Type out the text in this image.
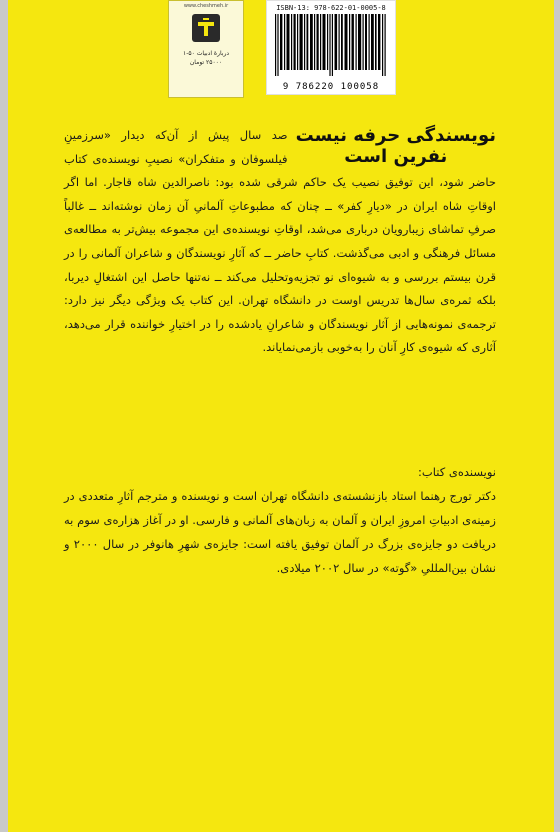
www.cheshmeh.ir
دربارۀ ادبیات ۵۰-۱
۲۵۰۰۰ تومان
ISBN-13: 978-622-01-0005-8
9 786220 100058
نویسندگی حرفه نیست
نفرین است
صد سال پیش از آن‌که دیدار «سرزمینِ فیلسوفان و متفکران» نصیبِ نویسنده‌ی کتاب حاضر شود، این توفیق نصیب یک حاکم شرقی شده بود: ناصرالدین شاه قاجار. اما اگر اوقاتِ شاه ایران در «دیارِ کفر» ــ چنان که مطبوعاتِ آلمانیِ آن زمان نوشته‌اند ــ غالباً صرفِ تماشای زیبارویان درباری می‌شد، اوقاتِ نویسنده‌ی این مجموعه بیش‌تر به مطالعه‌ی مسائل فرهنگی و ادبی می‌گذشت. کتابِ حاضر ــ که آثارِ نویسندگان و شاعران آلمانی را در قرن بیستم بررسی و به شیوه‌ای نو تجزیه‌وتحلیل می‌کند ــ نه‌تنها حاصل این اشتغالِ دیربا، بلکه ثمره‌ی سال‌ها تدریس اوست در دانشگاه تهران. این کتاب یک ویژگی دیگر نیز دارد: ترجمه‌ی نمونه‌هایی از آثار نویسندگان و شاعرانِ یادشده را در اختیارِ خواننده قرار می‌دهد، آثاری که شیوه‌ی کارِ آنان را به‌خوبی بازمی‌نمایاند.
نویسنده‌ی کتاب:
دکتر تورج رهنما استاد بازنشسته‌ی دانشگاه تهران است و نویسنده و مترجم آثارِ متعددی در زمینه‌ی ادبیاتِ امروزِ ایران و آلمان به زبان‌های آلمانی و فارسی. او در آغاز هزاره‌ی سوم به دریافت دو جایزه‌ی بزرگ در آلمان توفیق یافته است: جایزه‌ی شهرِ هانوفر در سال ۲۰۰۰ و نشان بین‌المللیِ «گوته» در سال ۲۰۰۲ میلادی.
